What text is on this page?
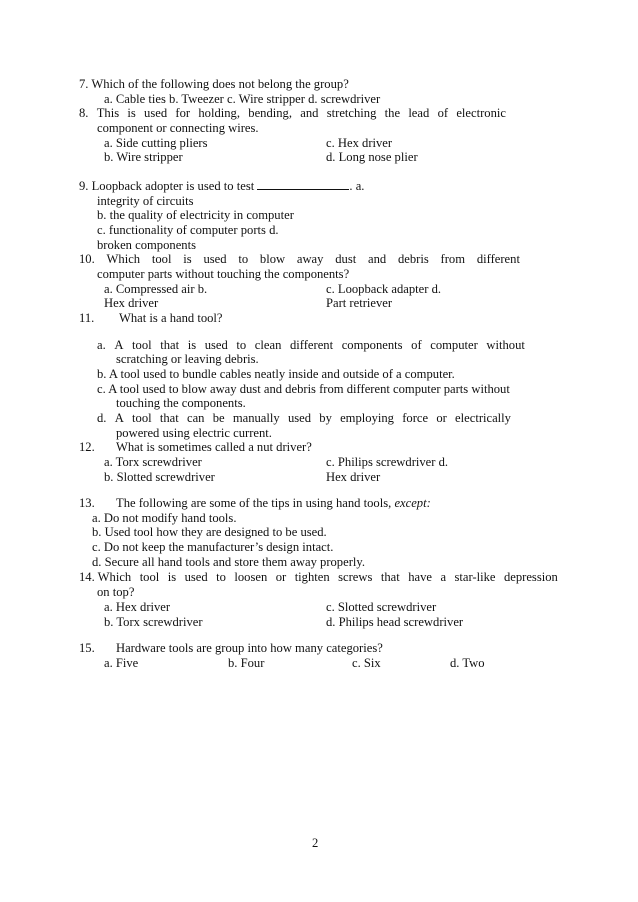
7. Which of the following does not belong the group?
a. Cable ties b. Tweezer c. Wire stripper d. screwdriver
8. This is used for holding, bending, and stretching the lead of electronic
component or connecting wires.
a. Side cutting pliers	c. Hex driver
b. Wire stripper	d. Long nose plier
9. Loopback adopter is used to test	. a.
integrity of circuits
b. the quality of electricity in computer
c. functionality of computer ports d.
broken components
10. Which tool is used to blow away dust and debris from different
computer parts without touching the components?
a. Compressed air b.	c. Loopback adapter d.
Hex driver	Part retriever
11. What is a hand tool?
a. A tool that is used to clean different components of computer without
scratching or leaving debris.
b. A tool used to bundle cables neatly inside and outside of a computer.
c. A tool used to blow away dust and debris from different computer parts without
touching the components.
d. A tool that can be manually used by employing force or electrically
powered using electric current.
12. What is sometimes called a nut driver?
a. Torx screwdriver	c. Philips screwdriver d.
b. Slotted screwdriver	Hex driver
13. The following are some of the tips in using hand tools, except:
a. Do not modify hand tools.
b. Used tool how they are designed to be used.
c. Do not keep the manufacturer’s design intact.
d. Secure all hand tools and store them away properly.
14. Which tool is used to loosen or tighten screws that have a star-like depression
on top?
a. Hex driver	c. Slotted screwdriver
b. Torx screwdriver	d. Philips head screwdriver
15. Hardware tools are group into how many categories?
a. Five	b. Four	c. Six	d. Two
2
